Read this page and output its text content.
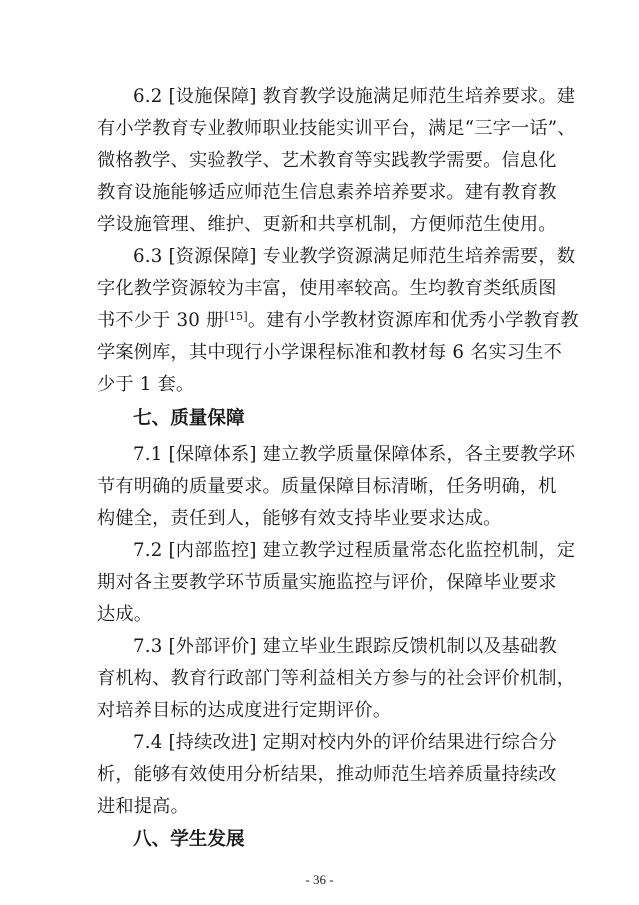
6.2 [设施保障] 教育教学设施满足师范生培养要求。建
有小学教育专业教师职业技能实训平台，满足“三字一话”、
微格教学、实验教学、艺术教育等实践教学需要。信息化
教育设施能够适应师范生信息素养培养要求。建有教育教
学设施管理、维护、更新和共享机制，方便师范生使用。
6.3 [资源保障] 专业教学资源满足师范生培养需要，数
字化教学资源较为丰富，使用率较高。生均教育类纸质图
书不少于 30 册[15]。建有小学教材资源库和优秀小学教育教
学案例库，其中现行小学课程标准和教材每 6 名实习生不
少于 1 套。
七、质量保障
7.1 [保障体系] 建立教学质量保障体系，各主要教学环
节有明确的质量要求。质量保障目标清晰，任务明确，机
构健全，责任到人，能够有效支持毕业要求达成。
7.2 [内部监控] 建立教学过程质量常态化监控机制，定
期对各主要教学环节质量实施监控与评价，保障毕业要求
达成。
7.3 [外部评价] 建立毕业生跟踪反馈机制以及基础教
育机构、教育行政部门等利益相关方参与的社会评价机制，
对培养目标的达成度进行定期评价。
7.4 [持续改进] 定期对校内外的评价结果进行综合分
析，能够有效使用分析结果，推动师范生培养质量持续改
进和提高。
八、学生发展
- 36 -
